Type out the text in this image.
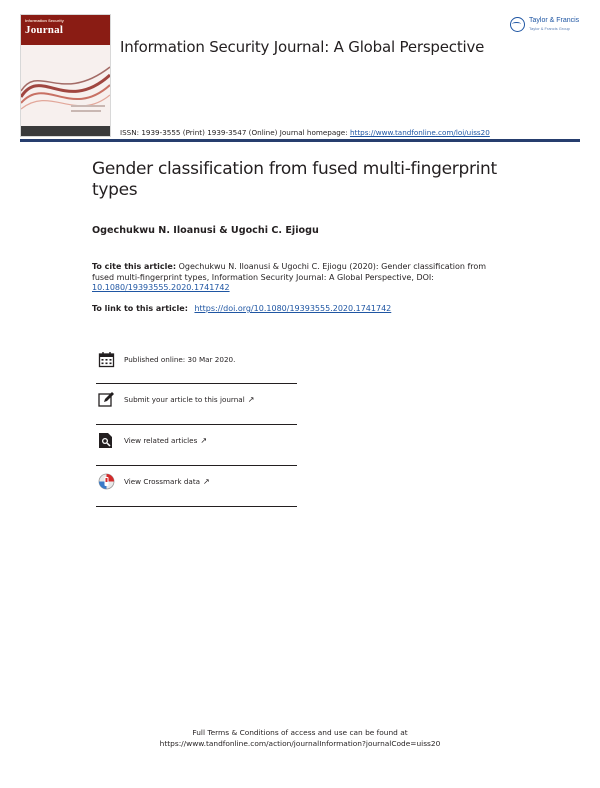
Information Security
Journal
Information Security Journal: A Global Perspective
ISSN: 1939-3555 (Print) 1939-3547 (Online) Journal homepage: https://www.tandfonline.com/loi/uiss20
Taylor & Francis
Taylor & Francis Group
Gender classification from fused multi-fingerprint types
Ogechukwu N. Iloanusi & Ugochi C. Ejiogu
To cite this article: Ogechukwu N. Iloanusi & Ugochi C. Ejiogu (2020): Gender classification from fused multi-fingerprint types, Information Security Journal: A Global Perspective, DOI: 10.1080/19393555.2020.1741742
To link to this article: https://doi.org/10.1080/19393555.2020.1741742
Published online: 30 Mar 2020.
Submit your article to this journal ↗
View related articles ↗
View Crossmark data ↗
Full Terms & Conditions of access and use can be found at
https://www.tandfonline.com/action/journalInformation?journalCode=uiss20
